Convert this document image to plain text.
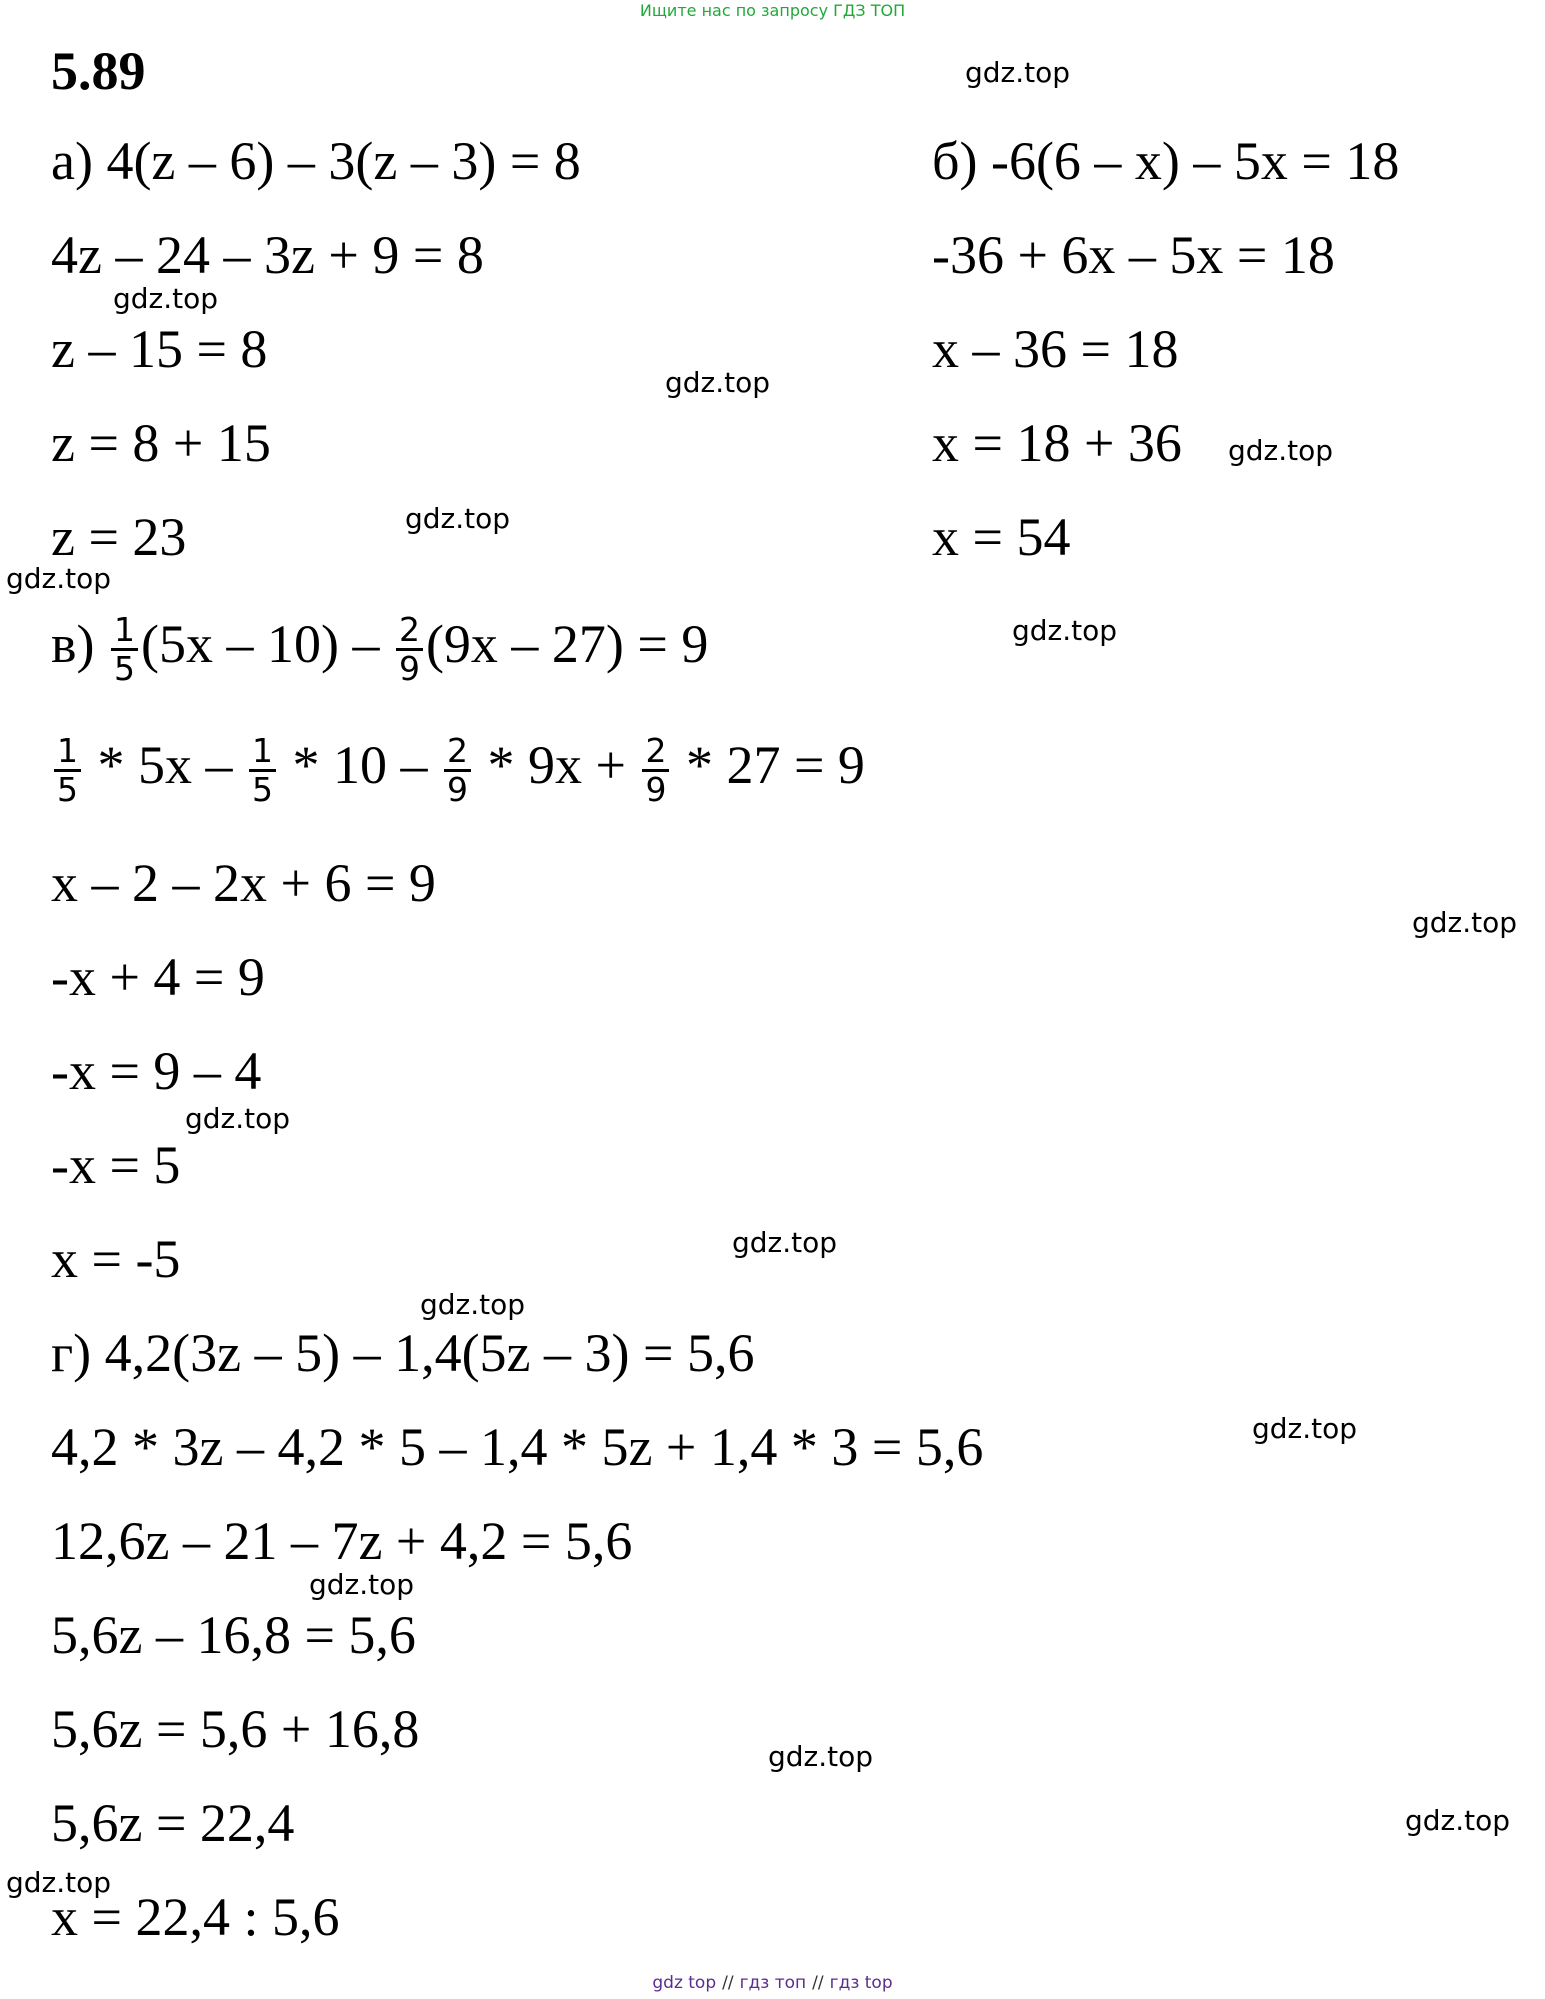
Ищите нас по запросу ГДЗ ТОП
5.89
а) 4(z – 6) – 3(z – 3) = 8
4z – 24 – 3z + 9 = 8
z – 15 = 8
z = 8 + 15
z = 23
б) -6(6 – x) – 5x = 18
-36 + 6x – 5x = 18
x – 36 = 18
x = 18 + 36
x = 54
$в) \frac{1}{5} (5x - 10) - \frac{2}{9} (9x - 27) = 9$
$\frac{1}{5} * 5x - \frac{1}{5} * 10 - \frac{2}{9} * 9x + \frac{2}{9} * 27 = 9$
x – 2 – 2x + 6 = 9
-x + 4 = 9
-x = 9 – 4
-x = 5
x = -5
г) 4,2(3z – 5) – 1,4(5z – 3) = 5,6
4,2 * 3z – 4,2 * 5 – 1,4 * 5z + 1,4 * 3 = 5,6
12,6z – 21 – 7z + 4,2 = 5,6
5,6z – 16,8 = 5,6
5,6z = 5,6 + 16,8
5,6z = 22,4
x = 22,4 : 5,6
gdz.top
gdz.top
gdz.top
gdz.top
gdz.top
gdz.top
gdz.top
gdz.top
gdz.top
gdz.top
gdz.top
gdz.top
gdz.top
gdz.top
gdz.top
gdz.top
gdz top // гдз топ // гдз top
